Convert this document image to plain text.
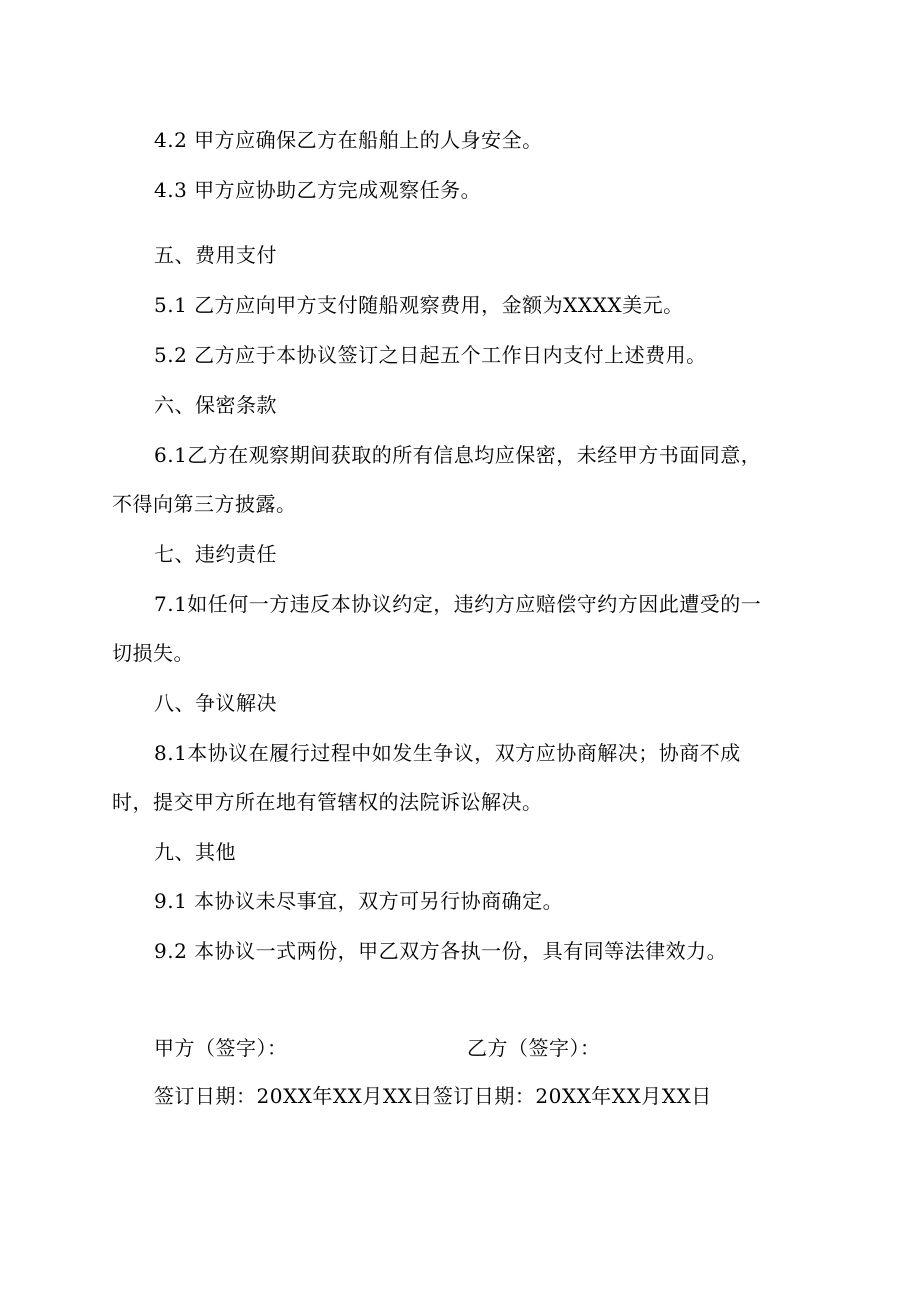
4.2 甲方应确保乙方在船舶上的人身安全。
4.3 甲方应协助乙方完成观察任务。
五、费用支付
5.1 乙方应向甲方支付随船观察费用，金额为XXXX美元。
5.2 乙方应于本协议签订之日起五个工作日内支付上述费用。
六、保密条款
6.1乙方在观察期间获取的所有信息均应保密，未经甲方书面同意，
不得向第三方披露。
七、违约责任
7.1如任何一方违反本协议约定，违约方应赔偿守约方因此遭受的一
切损失。
八、争议解决
8.1本协议在履行过程中如发生争议，双方应协商解决；协商不成
时，提交甲方所在地有管辖权的法院诉讼解决。
九、其他
9.1 本协议未尽事宜，双方可另行协商确定。
9.2 本协议一式两份，甲乙双方各执一份，具有同等法律效力。
甲方（签字）：	乙方（签字）：
签订日期：20XX年XX月XX日签订日期：20XX年XX月XX日
